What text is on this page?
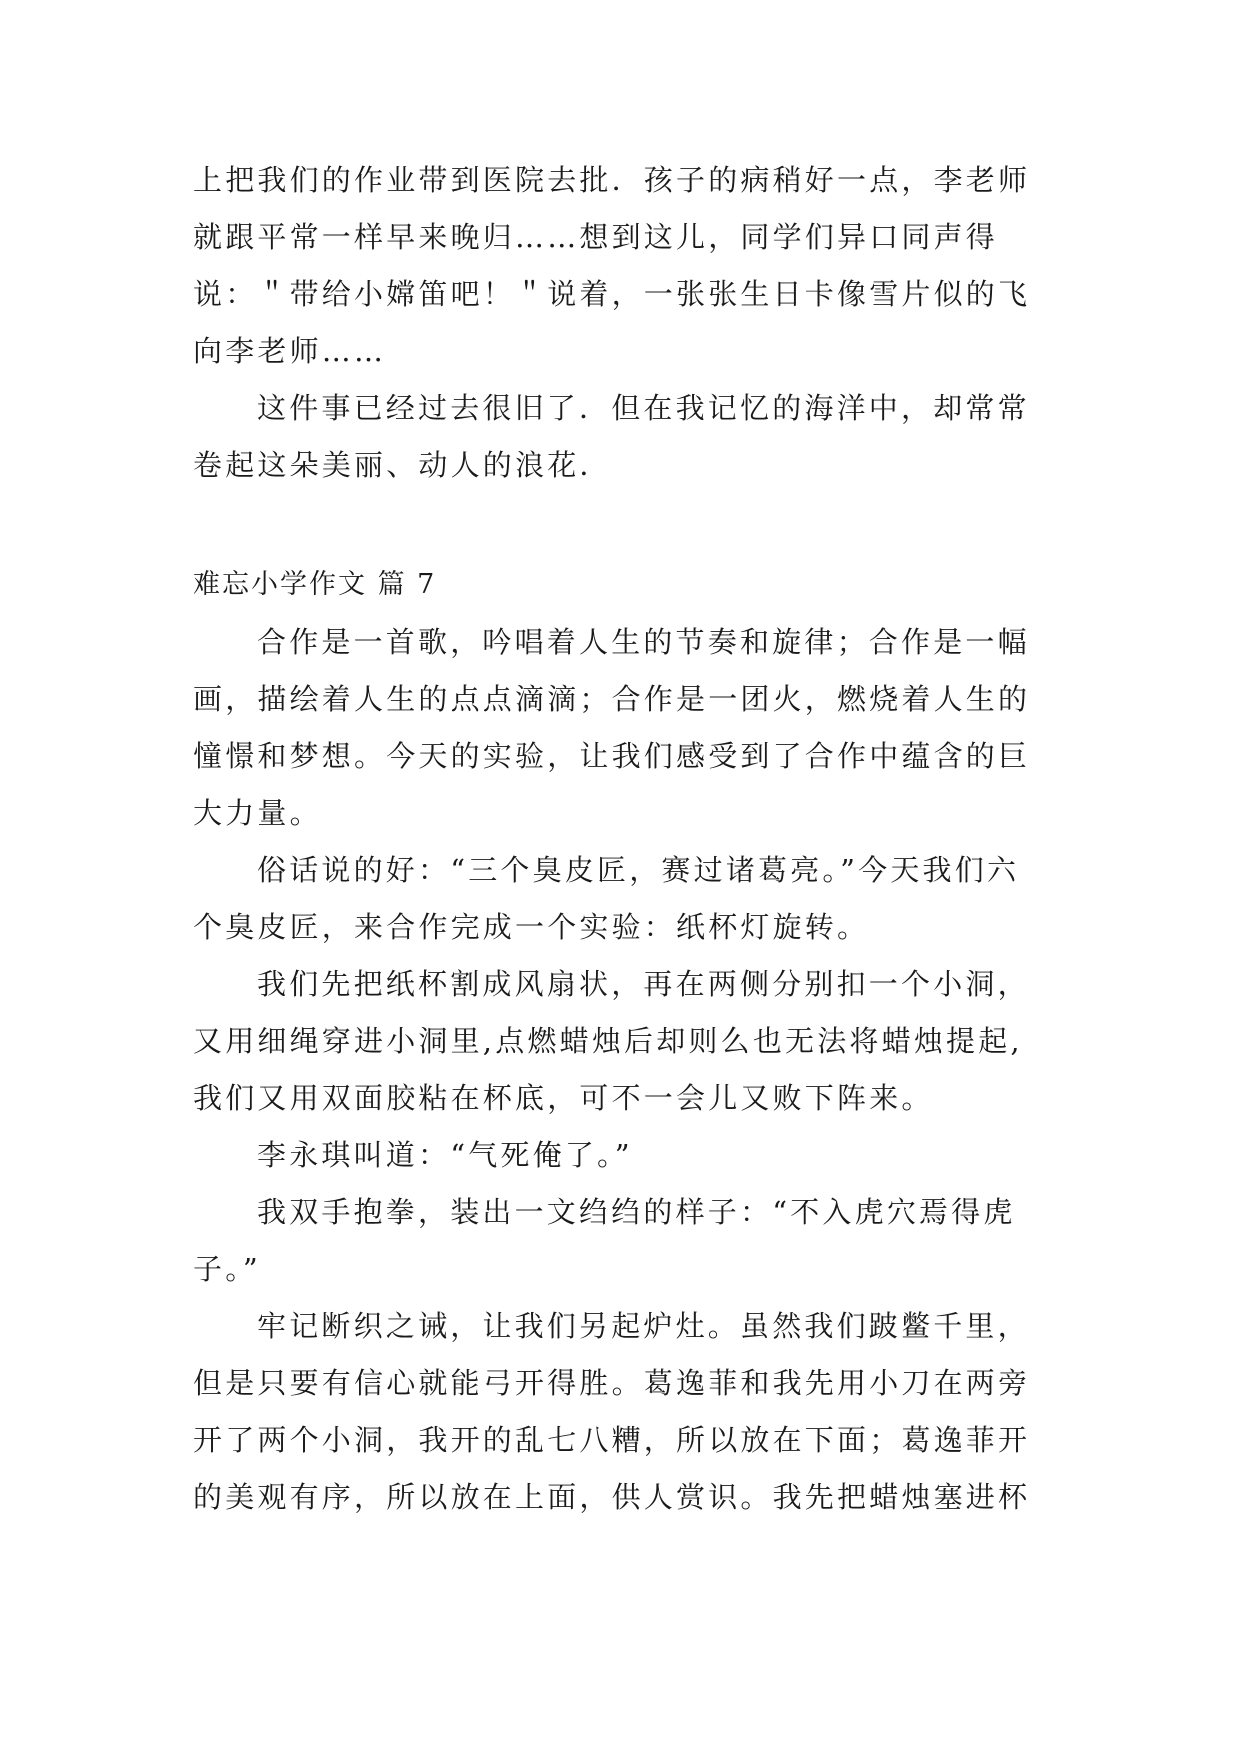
上把我们的作业带到医院去批．孩子的病稍好一点，李老师
就跟平常一样早来晚归……想到这儿，同学们异口同声得
说：＂带给小嫦笛吧！＂说着，一张张生日卡像雪片似的飞
向李老师……
这件事已经过去很旧了．但在我记忆的海洋中，却常常
卷起这朵美丽、动人的浪花．
难忘小学作文 篇 7
合作是一首歌，吟唱着人生的节奏和旋律；合作是一幅
画，描绘着人生的点点滴滴；合作是一团火，燃烧着人生的
憧憬和梦想。今天的实验，让我们感受到了合作中蕴含的巨
大力量。
俗话说的好：“三个臭皮匠，赛过诸葛亮。”今天我们六
个臭皮匠，来合作完成一个实验：纸杯灯旋转。
我们先把纸杯割成风扇状，再在两侧分别扣一个小洞，
又用细绳穿进小洞里,点燃蜡烛后却则么也无法将蜡烛提起,
我们又用双面胶粘在杯底，可不一会儿又败下阵来。
李永琪叫道：“气死俺了。”
我双手抱拳，装出一文绉绉的样子：“不入虎穴焉得虎
子。”
牢记断织之诫，让我们另起炉灶。虽然我们跛鳖千里，
但是只要有信心就能弓开得胜。葛逸菲和我先用小刀在两旁
开了两个小洞，我开的乱七八糟，所以放在下面；葛逸菲开
的美观有序，所以放在上面，供人赏识。我先把蜡烛塞进杯
